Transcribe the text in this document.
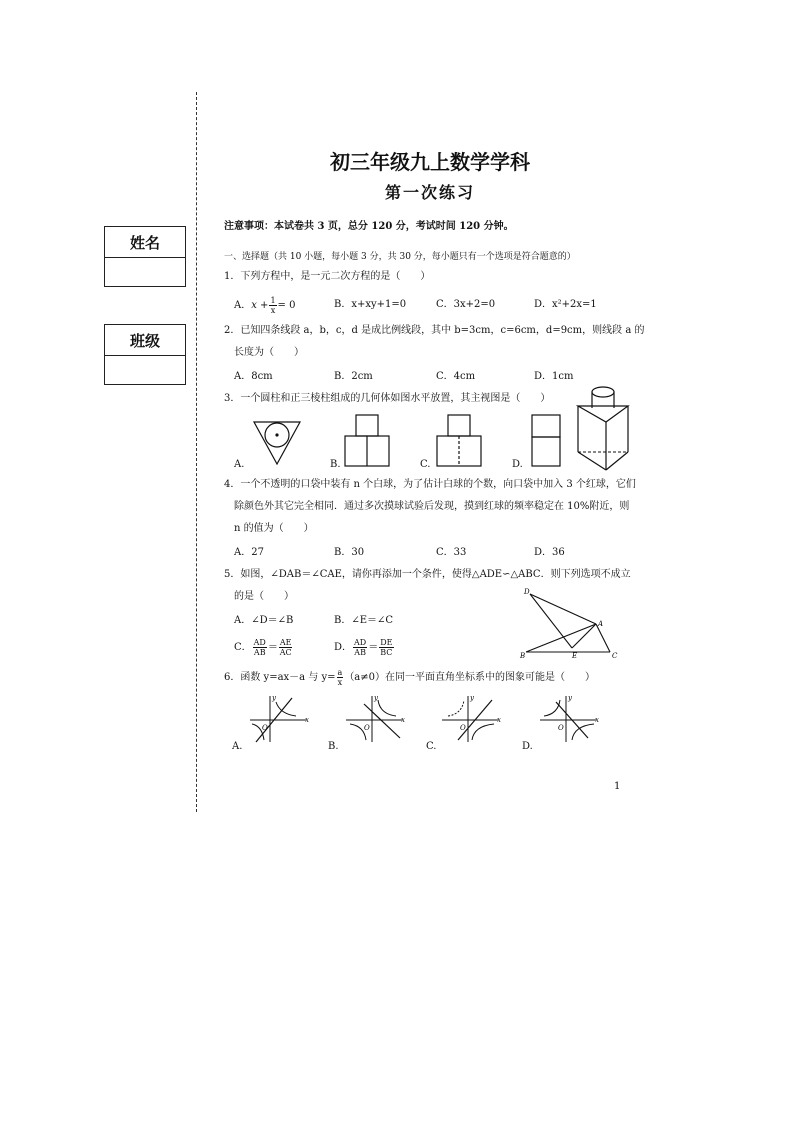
姓名
班级
初三年级九上数学学科
第一次练习
注意事项：本试卷共 3 页，总分 120 分，考试时间 120 分钟。
一、选择题（共 10 小题，每小题 3 分，共 30 分，每小题只有一个选项是符合题意的）
1．下列方程中，是一元二次方程的是（　　）
A．$x + \frac{1}{x} = 0$	B．x+xy+1=0	C．3x+2=0	D．x²+2x=1
2．已知四条线段 a，b，c，d 是成比例线段，其中 b=3cm，c=6cm，d=9cm，则线段 a 的
长度为（　　）
A．8cm	B．2cm	C．4cm	D．1cm
3．一个圆柱和正三棱柱组成的几何体如图水平放置，其主视图是（　　）
A.	B.	C.	D.
4．一个不透明的口袋中装有 n 个白球，为了估计白球的个数，向口袋中加入 3 个红球，它们
除颜色外其它完全相同．通过多次摸球试验后发现，摸到红球的频率稳定在 10%附近，则
n 的值为（　　）
A．27	B．30	C．33	D．36
5．如图，∠DAB＝∠CAE，请你再添加一个条件，使得△ADE∽△ABC．则下列选项不成立
的是（　　）
A．∠D＝∠B	B．∠E＝∠C
C． $\frac{AD}{AB} = \frac{AE}{AC}$	D． $\frac{AD}{AB} = \frac{DE}{BC}$
D
A
E
B	C
6．函数 y=ax－a 与 $y= \frac{a}{x} (a\ne 0)$在同一平面直角坐标系中的图象可能是（　　）
x
y
O
A.
x
y
O
B.
x
y
O
C.
x
y
O
D.
1
